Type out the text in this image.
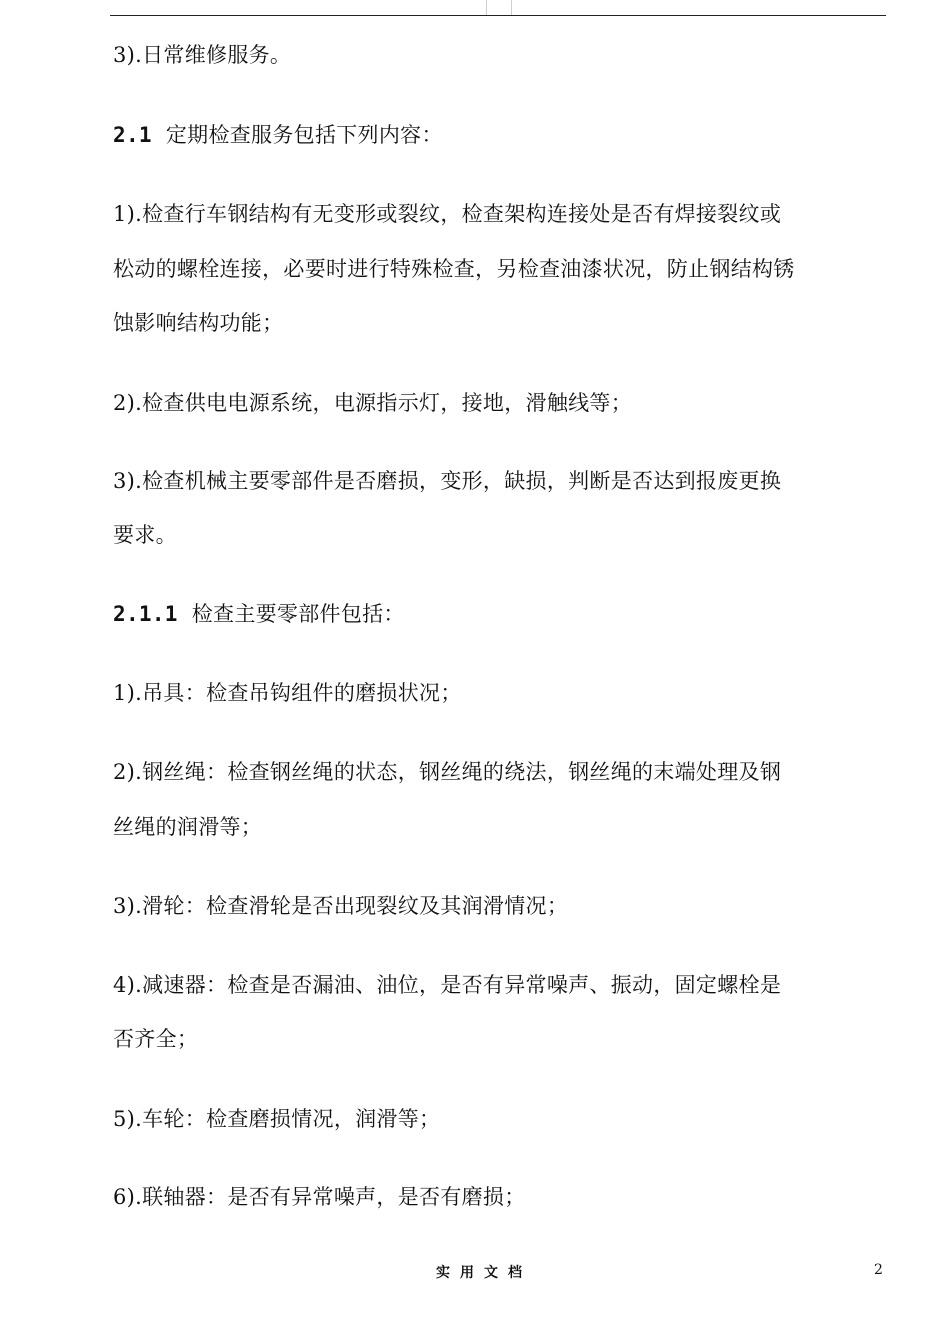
3).日常维修服务。
2.1 定期检查服务包括下列内容：
1).检查行车钢结构有无变形或裂纹，检查架构连接处是否有焊接裂纹或
松动的螺栓连接，必要时进行特殊检查，另检查油漆状况，防止钢结构锈
蚀影响结构功能；
2).检查供电电源系统，电源指示灯，接地，滑触线等；
3).检查机械主要零部件是否磨损，变形，缺损，判断是否达到报废更换
要求。
2.1.1 检查主要零部件包括：
1).吊具：检查吊钩组件的磨损状况；
2).钢丝绳：检查钢丝绳的状态，钢丝绳的绕法，钢丝绳的末端处理及钢
丝绳的润滑等；
3).滑轮：检查滑轮是否出现裂纹及其润滑情况；
4).减速器：检查是否漏油、油位，是否有异常噪声、振动，固定螺栓是
否齐全；
5).车轮：检查磨损情况，润滑等；
6).联轴器：是否有异常噪声，是否有磨损；
实用文档	2
